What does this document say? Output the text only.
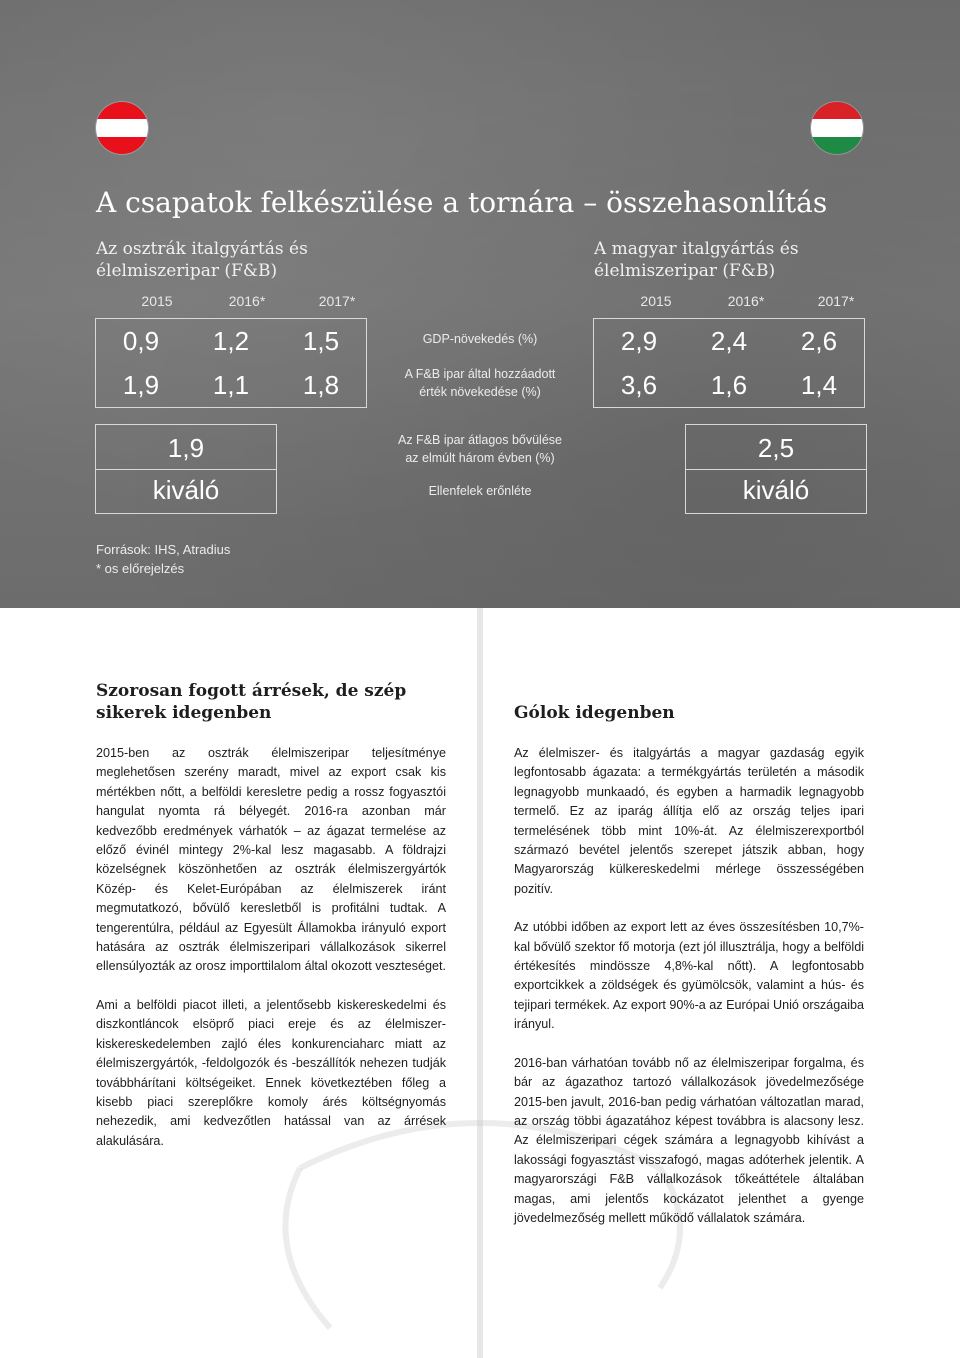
A csapatok felkészülése a tornára – összehasonlítás
Az osztrák italgyártás és élelmiszeripar (F&B)
A magyar italgyártás és élelmiszeripar (F&B)
2015	2016*	2017*	2015	2016*	2017*
0,9	1,2	1,5
1,9	1,1	1,8
2,9	2,4	2,6
3,6	1,6	1,4
GDP-növekedés (%)
A F&B ipar által hozzáadott
érték növekedése (%)
Az F&B ipar átlagos bővülése
az elmúlt három évben (%)
Ellenfelek erőnléte
1,9
kiváló
2,5
kiváló
Források: IHS, Atradius
* os előrejelzés
Szorosan fogott árrések, de szép sikerek idegenben

2015-ben az osztrák élelmiszeripar teljesítménye meglehetősen szerény maradt, mivel az export csak kis mértékben nőtt, a belföldi keresletre pedig a rossz fogyasztói hangulat nyomta rá bélyegét. 2016-ra azonban már kedvezőbb eredmények várhatók – az ágazat termelése az előző évinél mintegy 2%-kal lesz magasabb. A földrajzi közelségnek köszönhetően az osztrák élelmiszergyártók Közép- és Kelet-Európában az élelmiszerek iránt megmutatkozó, bővülő keresletből is profitálni tudtak. A tengerentúlra, például az Egyesült Államokba irányuló export hatására az osztrák élelmiszeripari vállalkozások sikerrel ellensúlyozták az orosz importtilalom által okozott veszteséget.

Ami a belföldi piacot illeti, a jelentősebb kiskereskedelmi és diszkontláncok elsöprő piaci ereje és az élelmiszer-kiskereskedelemben zajló éles konkurenciaharc miatt az élelmiszergyártók, -feldolgozók és -beszállítók nehezen tudják továbbhárítani költségeiket. Ennek következtében főleg a kisebb piaci szereplőkre komoly árés költségnyomás nehezedik, ami kedvezőtlen hatással van az árrések alakulására.

Gólok idegenben

Az élelmiszer- és italgyártás a magyar gazdaság egyik legfontosabb ágazata: a termékgyártás területén a második legnagyobb munkaadó, és egyben a harmadik legnagyobb termelő. Ez az iparág állítja elő az ország teljes ipari termelésének több mint 10%-át. Az élelmiszerexportból származó bevétel jelentős szerepet játszik abban, hogy Magyarország külkereskedelmi mérlege összességében pozitív.

Az utóbbi időben az export lett az éves összesítésben 10,7%-kal bővülő szektor fő motorja (ezt jól illusztrálja, hogy a belföldi értékesítés mindössze 4,8%-kal nőtt). A legfontosabb exportcikkek a zöldségek és gyümölcsök, valamint a hús- és tejipari termékek. Az export 90%-a az Európai Unió országaiba irányul.

2016-ban várhatóan tovább nő az élelmiszeripar forgalma, és bár az ágazathoz tartozó vállalkozások jövedelmezősége 2015-ben javult, 2016-ban pedig várhatóan változatlan marad, az ország többi ágazatához képest továbbra is alacsony lesz. Az élelmiszeripari cégek számára a legnagyobb kihívást a lakossági fogyasztást visszafogó, magas adóterhek jelentik. A magyarországi F&B vállalkozások tőkeáttétele általában magas, ami jelentős kockázatot jelenthet a gyenge jövedelmezőség mellett működő vállalatok számára.
